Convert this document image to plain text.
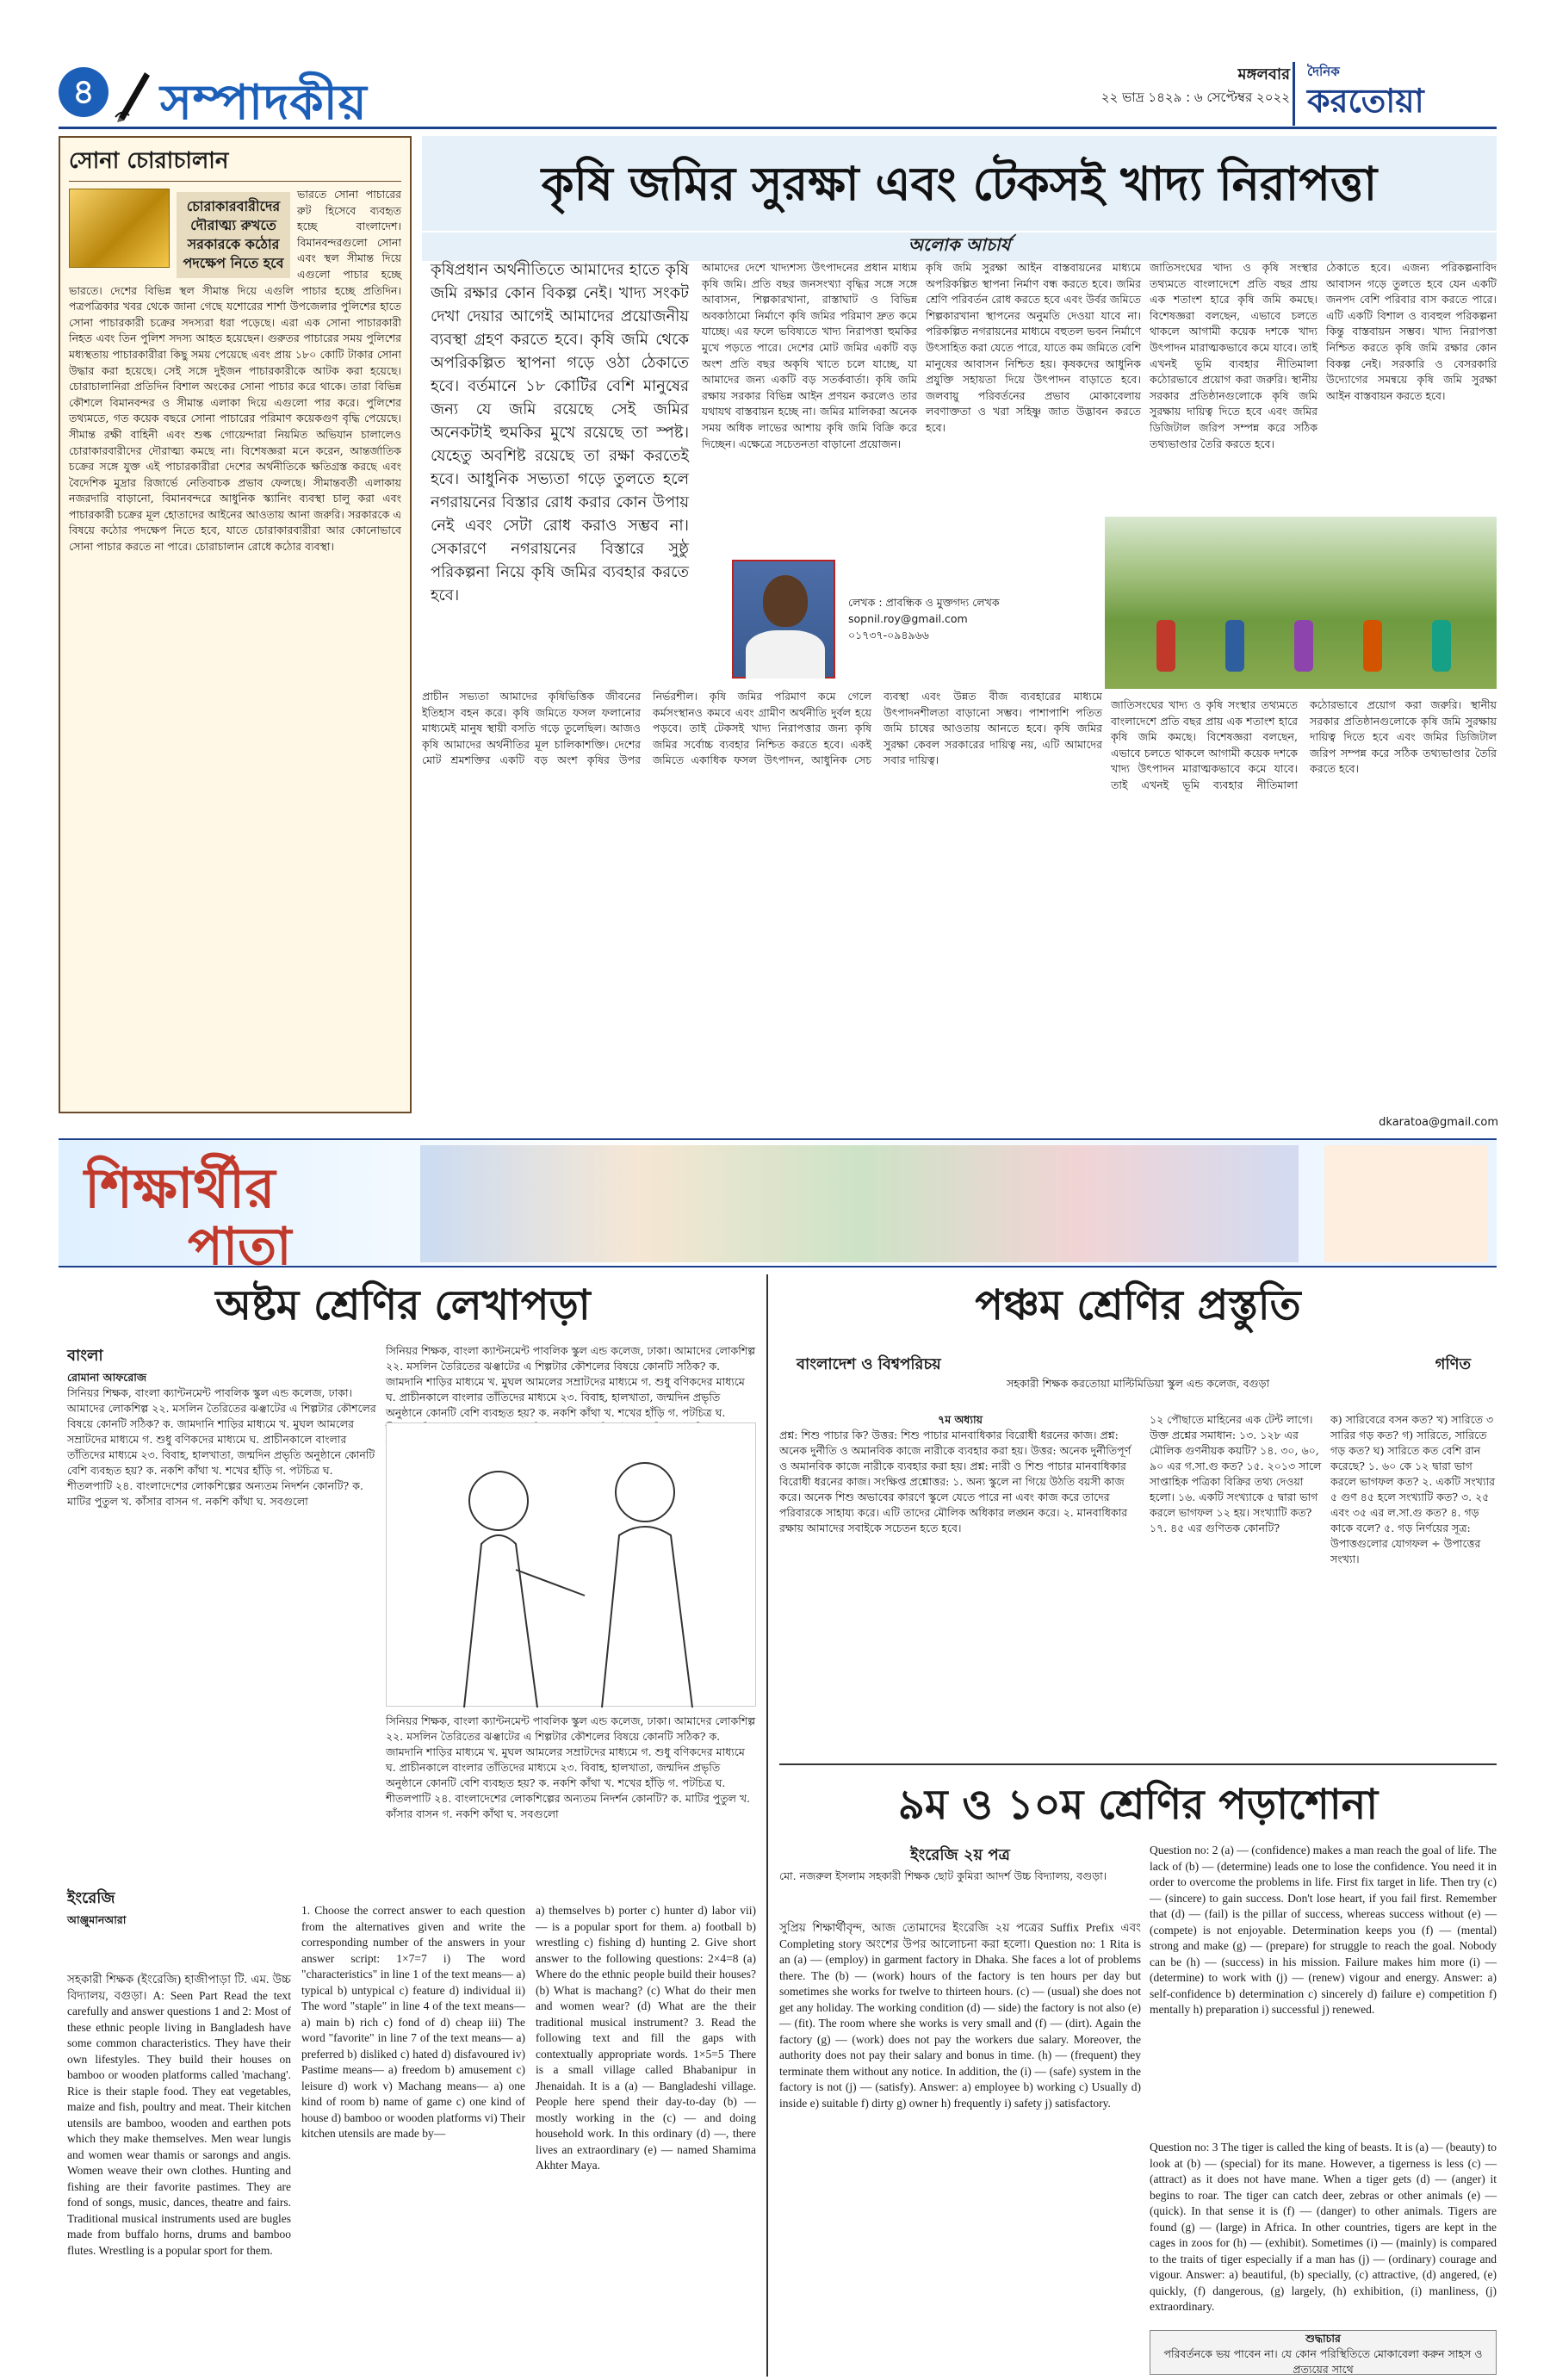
৪ সম্পাদকীয়	মঙ্গলবার
২২ ভাদ্র ১৪২৯ : ৬ সেপ্টেম্বর ২০২২
দৈনিক
করতোয়া
সোনা চোরাচালান
চোরাকারবারীদের দৌরাত্ম্য রুখতে সরকারকে কঠোর পদক্ষেপ নিতে হবে
ভারতে সোনা পাচারের রুট হিসেবে ব্যবহৃত হচ্ছে বাংলাদেশ। বিমানবন্দরগুলো সোনা এবং স্থল সীমান্ত দিয়ে এগুলো পাচার হচ্ছে ভারতে। দেশের বিভিন্ন স্থল সীমান্ত দিয়ে এগুলি পাচার হচ্ছে প্রতিদিন। পত্রপত্রিকার খবর থেকে জানা গেছে যশোরের শার্শা উপজেলার পুলিশের হাতে সোনা পাচারকারী চক্রের সদস্যরা ধরা পড়েছে। এরা এক সোনা পাচারকারী নিহত এবং তিন পুলিশ সদস্য আহত হয়েছেন। গুরুতর পাচারের সময় পুলিশের মধ্যস্থতায় পাচারকারীরা কিছু সময় পেয়েছে এবং প্রায় ১৮০ কোটি টাকার সোনা উদ্ধার করা হয়েছে। সেই সঙ্গে দুইজন পাচারকারীকে আটক করা হয়েছে। চোরাচালানিরা প্রতিদিন বিশাল অংকের সোনা পাচার করে থাকে। তারা বিভিন্ন কৌশলে বিমানবন্দর ও সীমান্ত এলাকা দিয়ে এগুলো পার করে। পুলিশের তথ্যমতে, গত কয়েক বছরে সোনা পাচারের পরিমাণ কয়েকগুণ বৃদ্ধি পেয়েছে। সীমান্ত রক্ষী বাহিনী এবং শুল্ক গোয়েন্দারা নিয়মিত অভিযান চালালেও চোরাকারবারীদের দৌরাত্ম্য কমছে না। বিশেষজ্ঞরা মনে করেন, আন্তর্জাতিক চক্রের সঙ্গে যুক্ত এই পাচারকারীরা দেশের অর্থনীতিকে ক্ষতিগ্রস্ত করছে এবং বৈদেশিক মুদ্রার রিজার্ভে নেতিবাচক প্রভাব ফেলছে। সীমান্তবর্তী এলাকায় নজরদারি বাড়ানো, বিমানবন্দরে আধুনিক স্ক্যানিং ব্যবস্থা চালু করা এবং পাচারকারী চক্রের মূল হোতাদের আইনের আওতায় আনা জরুরি। সরকারকে এ বিষয়ে কঠোর পদক্ষেপ নিতে হবে, যাতে চোরাকারবারীরা আর কোনোভাবে সোনা পাচার করতে না পারে। চোরাচালান রোধে কঠোর ব্যবস্থা।
কৃষি জমির সুরক্ষা এবং টেকসই খাদ্য নিরাপত্তা
অলোক আচার্য
কৃষিপ্রধান অর্থনীতিতে আমাদের হাতে কৃষি জমি রক্ষার কোন বিকল্প নেই। খাদ্য সংকট দেখা দেয়ার আগেই আমাদের প্রয়োজনীয় ব্যবস্থা গ্রহণ করতে হবে। কৃষি জমি থেকে অপরিকল্পিত স্থাপনা গড়ে ওঠা ঠেকাতে হবে। বর্তমানে ১৮ কোটির বেশি মানুষের জন্য যে জমি রয়েছে সেই জমির অনেকটাই হুমকির মুখে রয়েছে তা স্পষ্ট। যেহেতু অবশিষ্ট রয়েছে তা রক্ষা করতেই হবে। আধুনিক সভ্যতা গড়ে তুলতে হলে নগরায়নের বিস্তার রোধ করার কোন উপায় নেই এবং সেটা রোধ করাও সম্ভব না। সেকারণে নগরায়নের বিস্তারে সুষ্ঠু পরিকল্পনা নিয়ে কৃষি জমির ব্যবহার করতে হবে।
আমাদের দেশে খাদ্যশস্য উৎপাদনের প্রধান মাধ্যম কৃষি জমি। প্রতি বছর জনসংখ্যা বৃদ্ধির সঙ্গে সঙ্গে আবাসন, শিল্পকারখানা, রাস্তাঘাট ও বিভিন্ন অবকাঠামো নির্মাণে কৃষি জমির পরিমাণ দ্রুত কমে যাচ্ছে। এর ফলে ভবিষ্যতে খাদ্য নিরাপত্তা হুমকির মুখে পড়তে পারে। দেশের মোট জমির একটি বড় অংশ প্রতি বছর অকৃষি খাতে চলে যাচ্ছে, যা আমাদের জন্য একটি বড় সতর্কবার্তা। কৃষি জমি রক্ষায় সরকার বিভিন্ন আইন প্রণয়ন করলেও তার যথাযথ বাস্তবায়ন হচ্ছে না। জমির মালিকরা অনেক সময় অধিক লাভের আশায় কৃষি জমি বিক্রি করে দিচ্ছেন। এক্ষেত্রে সচেতনতা বাড়ানো প্রয়োজন।
কৃষি জমি সুরক্ষা আইন বাস্তবায়নের মাধ্যমে অপরিকল্পিত স্থাপনা নির্মাণ বন্ধ করতে হবে। জমির শ্রেণি পরিবর্তন রোধ করতে হবে এবং উর্বর জমিতে শিল্পকারখানা স্থাপনের অনুমতি দেওয়া যাবে না। পরিকল্পিত নগরায়নের মাধ্যমে বহুতল ভবন নির্মাণে উৎসাহিত করা যেতে পারে, যাতে কম জমিতে বেশি মানুষের আবাসন নিশ্চিত হয়। কৃষকদের আধুনিক প্রযুক্তি সহায়তা দিয়ে উৎপাদন বাড়াতে হবে। জলবায়ু পরিবর্তনের প্রভাব মোকাবেলায় লবণাক্ততা ও খরা সহিষ্ণু জাত উদ্ভাবন করতে হবে।
জাতিসংঘের খাদ্য ও কৃষি সংস্থার তথ্যমতে বাংলাদেশে প্রতি বছর প্রায় এক শতাংশ হারে কৃষি জমি কমছে। বিশেষজ্ঞরা বলছেন, এভাবে চলতে থাকলে আগামী কয়েক দশকে খাদ্য উৎপাদন মারাত্মকভাবে কমে যাবে। তাই এখনই ভূমি ব্যবহার নীতিমালা কঠোরভাবে প্রয়োগ করা জরুরি। স্থানীয় সরকার প্রতিষ্ঠানগুলোকে কৃষি জমি সুরক্ষায় দায়িত্ব দিতে হবে এবং জমির ডিজিটাল জরিপ সম্পন্ন করে সঠিক তথ্যভাণ্ডার তৈরি করতে হবে।
ঠেকাতে হবে। এজন্য পরিকল্পনাবিদ আবাসন গড়ে তুলতে হবে যেন একটি জনপদ বেশি পরিবার বাস করতে পারে। এটি একটি বিশাল ও ব্যবহুল পরিকল্পনা কিন্তু বাস্তবায়ন সম্ভব। খাদ্য নিরাপত্তা নিশ্চিত করতে কৃষি জমি রক্ষার কোন বিকল্প নেই। সরকারি ও বেসরকারি উদ্যোগের সমন্বয়ে কৃষি জমি সুরক্ষা আইন বাস্তবায়ন করতে হবে।
লেখক : প্রাবন্ধিক ও মুক্তগদ্য লেখক
sopnil.roy@gmail.com
০১৭৩৭-০৯৪৯৬৬
প্রাচীন সভ্যতা আমাদের কৃষিভিত্তিক জীবনের ইতিহাস বহন করে। কৃষি জমিতে ফসল ফলানোর মাধ্যমেই মানুষ স্থায়ী বসতি গড়ে তুলেছিল। আজও কৃষি আমাদের অর্থনীতির মূল চালিকাশক্তি। দেশের মোট শ্রমশক্তির একটি বড় অংশ কৃষির উপর নির্ভরশীল। কৃষি জমির পরিমাণ কমে গেলে কর্মসংস্থানও কমবে এবং গ্রামীণ অর্থনীতি দুর্বল হয়ে পড়বে। তাই টেকসই খাদ্য নিরাপত্তার জন্য কৃষি জমির সর্বোচ্চ ব্যবহার নিশ্চিত করতে হবে। একই জমিতে একাধিক ফসল উৎপাদন, আধুনিক সেচ ব্যবস্থা এবং উন্নত বীজ ব্যবহারের মাধ্যমে উৎপাদনশীলতা বাড়ানো সম্ভব। পাশাপাশি পতিত জমি চাষের আওতায় আনতে হবে। কৃষি জমির সুরক্ষা কেবল সরকারের দায়িত্ব নয়, এটি আমাদের সবার দায়িত্ব।
জাতিসংঘের খাদ্য ও কৃষি সংস্থার তথ্যমতে বাংলাদেশে প্রতি বছর প্রায় এক শতাংশ হারে কৃষি জমি কমছে। বিশেষজ্ঞরা বলছেন, এভাবে চলতে থাকলে আগামী কয়েক দশকে খাদ্য উৎপাদন মারাত্মকভাবে কমে যাবে। তাই এখনই ভূমি ব্যবহার নীতিমালা কঠোরভাবে প্রয়োগ করা জরুরি। স্থানীয় সরকার প্রতিষ্ঠানগুলোকে কৃষি জমি সুরক্ষায় দায়িত্ব দিতে হবে এবং জমির ডিজিটাল জরিপ সম্পন্ন করে সঠিক তথ্যভাণ্ডার তৈরি করতে হবে।
dkaratoa@gmail.com
শিক্ষার্থীর
পাতা
অষ্টম শ্রেণির লেখাপড়া
বাংলা
রোমানা আফরোজ
সিনিয়র শিক্ষক, বাংলা ক্যান্টনমেন্ট পাবলিক স্কুল এন্ড কলেজ, ঢাকা। আমাদের লোকশিল্প ২২. মসলিন তৈরিতের ঝঞ্ঝাটের এ শিল্পটার কৌশলের বিষয়ে কোনটি সঠিক? ক. জামদানি শাড়ির মাধ্যমে খ. মুঘল আমলের সম্রাটদের মাধ্যমে গ. শুধু বণিকদের মাধ্যমে ঘ. প্রাচীনকালে বাংলার তাঁতিদের মাধ্যমে ২৩. বিবাহ, হালখাতা, জন্মদিন প্রভৃতি অনুষ্ঠানে কোনটি বেশি ব্যবহৃত হয়? ক. নকশি কাঁথা খ. শখের হাঁড়ি গ. পটচিত্র ঘ. শীতলপাটি ২৪. বাংলাদেশের লোকশিল্পের অন্যতম নিদর্শন কোনটি? ক. মাটির পুতুল খ. কাঁসার বাসন গ. নকশি কাঁথা ঘ. সবগুলো
সিনিয়র শিক্ষক, বাংলা ক্যান্টনমেন্ট পাবলিক স্কুল এন্ড কলেজ, ঢাকা। আমাদের লোকশিল্প ২২. মসলিন তৈরিতের ঝঞ্ঝাটের এ শিল্পটার কৌশলের বিষয়ে কোনটি সঠিক? ক. জামদানি শাড়ির মাধ্যমে খ. মুঘল আমলের সম্রাটদের মাধ্যমে গ. শুধু বণিকদের মাধ্যমে ঘ. প্রাচীনকালে বাংলার তাঁতিদের মাধ্যমে ২৩. বিবাহ, হালখাতা, জন্মদিন প্রভৃতি অনুষ্ঠানে কোনটি বেশি ব্যবহৃত হয়? ক. নকশি কাঁথা খ. শখের হাঁড়ি গ. পটচিত্র ঘ.
সিনিয়র শিক্ষক, বাংলা ক্যান্টনমেন্ট পাবলিক স্কুল এন্ড কলেজ, ঢাকা। আমাদের লোকশিল্প ২২. মসলিন তৈরিতের ঝঞ্ঝাটের এ শিল্পটার কৌশলের বিষয়ে কোনটি সঠিক? ক. জামদানি শাড়ির মাধ্যমে খ. মুঘল আমলের সম্রাটদের মাধ্যমে গ. শুধু বণিকদের মাধ্যমে ঘ. প্রাচীনকালে বাংলার তাঁতিদের মাধ্যমে ২৩. বিবাহ, হালখাতা, জন্মদিন প্রভৃতি অনুষ্ঠানে কোনটি বেশি ব্যবহৃত হয়? ক. নকশি কাঁথা খ. শখের হাঁড়ি গ. পটচিত্র ঘ. শীতলপাটি ২৪. বাংলাদেশের লোকশিল্পের অন্যতম নিদর্শন কোনটি? ক. মাটির পুতুল খ. কাঁসার বাসন গ. নকশি কাঁথা ঘ. সবগুলো
ইংরেজি
আঞ্জুমানআরা
সহকারী শিক্ষক (ইংরেজি) হাজীপাড়া টি. এম. উচ্চ বিদ্যালয়, বগুড়া। A: Seen Part Read the text carefully and answer questions 1 and 2: Most of these ethnic people living in Bangladesh have some common characteristics. They have their own lifestyles. They build their houses on bamboo or wooden platforms called 'machang'. Rice is their staple food. They eat vegetables, maize and fish, poultry and meat. Their kitchen utensils are bamboo, wooden and earthen pots which they make themselves. Men wear lungis and women wear thamis or sarongs and angis. Women weave their own clothes. Hunting and fishing are their favorite pastimes. They are fond of songs, music, dances, theatre and fairs. Traditional musical instruments used are bugles made from buffalo horns, drums and bamboo flutes. Wrestling is a popular sport for them.
1. Choose the correct answer to each question from the alternatives given and write the corresponding number of the answers in your answer script: 1×7=7 i) The word "characteristics" in line 1 of the text means— a) typical b) untypical c) feature d) individual ii) The word "staple" in line 4 of the text means— a) main b) rich c) fond of d) cheap iii) The word "favorite" in line 7 of the text means— a) preferred b) disliked c) hated d) disfavoured iv) Pastime means— a) freedom b) amusement c) leisure d) work v) Machang means— a) one kind of room b) name of game c) one kind of house d) bamboo or wooden platforms vi) Their kitchen utensils are made by—
a) themselves b) porter c) hunter d) labor vii) — is a popular sport for them. a) football b) wrestling c) fishing d) hunting 2. Give short answer to the following questions: 2×4=8 (a) Where do the ethnic people build their houses? (b) What is machang? (c) What do their men and women wear? (d) What are the their traditional musical instrument? 3. Read the following text and fill the gaps with contextually appropriate words. 1×5=5 There is a small village called Bhabanipur in Jhenaidah. It is a (a) — Bangladeshi village. People here spend their day-to-day (b) — mostly working in the (c) — and doing household work. In this ordinary (d) —, there lives an extraordinary (e) — named Shamima Akhter Maya.
পঞ্চম শ্রেণির প্রস্তুতি
বাংলাদেশ ও বিশ্বপরিচয়	গণিত
সহকারী শিক্ষক করতোয়া মাল্টিমিডিয়া স্কুল এন্ড কলেজ, বগুড়া
৭ম অধ্যায়
প্রশ্ন: শিশু পাচার কি? উত্তর: শিশু পাচার মানবাধিকার বিরোধী ধরনের কাজ। প্রশ্ন: অনেক দুর্নীতি ও অমানবিক কাজে নারীকে ব্যবহার করা হয়। উত্তর: অনেক দুর্নীতিপূর্ণ ও অমানবিক কাজে নারীকে ব্যবহার করা হয়। প্রশ্ন: নারী ও শিশু পাচার মানবাধিকার বিরোধী ধরনের কাজ। সংক্ষিপ্ত প্রশ্নোত্তর: ১. অন্য স্কুলে না গিয়ে উঠতি বয়সী কাজ করে। অনেক শিশু অভাবের কারণে স্কুলে যেতে পারে না এবং কাজ করে তাদের পরিবারকে সাহায্য করে। এটি তাদের মৌলিক অধিকার লঙ্ঘন করে। ২. মানবাধিকার রক্ষায় আমাদের সবাইকে সচেতন হতে হবে।
১২ পৌছাতে মাহিনের এক টেন্ট লাগে। উক্ত প্রশ্নের সমাধান: ১৩. ১২৮ এর মৌলিক গুণনীয়ক কয়টি? ১৪. ৩০, ৬০, ৯০ এর গ.সা.গু কত? ১৫. ২০১৩ সালে সাপ্তাহিক পত্রিকা বিক্রির তথ্য দেওয়া হলো। ১৬. একটি সংখ্যাকে ৫ দ্বারা ভাগ করলে ভাগফল ১২ হয়। সংখ্যাটি কত? ১৭. ৪৫ এর গুণিতক কোনটি?
ক) সারিবেরে বসন কত? খ) সারিতে ৩ সারির গড় কত? গ) সারিতে, সারিতে গড় কত? ঘ) সারিতে কত বেশি রান করেছে? ১. ৬০ কে ১২ দ্বারা ভাগ করলে ভাগফল কত? ২. একটি সংখ্যার ৫ গুণ ৪৫ হলে সংখ্যাটি কত? ৩. ২৫ এবং ৩৫ এর ল.সা.গু কত? ৪. গড় কাকে বলে? ৫. গড় নির্ণয়ের সূত্র: উপাত্তগুলোর যোগফল ÷ উপাত্তের সংখ্যা।
৯ম ও ১০ম শ্রেণির পড়াশোনা
ইংরেজি ২য় পত্র
মো. নজরুল ইসলাম সহকারী শিক্ষক ছোট কুমিরা আদর্শ উচ্চ বিদ্যালয়, বগুড়া।
সুপ্রিয় শিক্ষার্থীবৃন্দ, আজ তোমাদের ইংরেজি ২য় পত্রের Suffix Prefix এবং Completing story অংশের উপর আলোচনা করা হলো। Question no: 1 Rita is an (a) — (employ) in garment factory in Dhaka. She faces a lot of problems there. The (b) — (work) hours of the factory is ten hours per day but sometimes she works for twelve to thirteen hours. (c) — (usual) she does not get any holiday. The working condition (d) — side) the factory is not also (e) — (fit). The room where she works is very small and (f) — (dirt). Again the factory (g) — (work) does not pay the workers due salary. Moreover, the authority does not pay their salary and bonus in time. (h) — (frequent) they terminate them without any notice. In addition, the (i) — (safe) system in the factory is not (j) — (satisfy). Answer: a) employee b) working c) Usually d) inside e) suitable f) dirty g) owner h) frequently i) safety j) satisfactory.
Question no: 2 (a) — (confidence) makes a man reach the goal of life. The lack of (b) — (determine) leads one to lose the confidence. You need it in order to overcome the problems in life. First fix target in life. Then try (c) — (sincere) to gain success. Don't lose heart, if you fail first. Remember that (d) — (fail) is the pillar of success, whereas success without (e) — (compete) is not enjoyable. Determination keeps you (f) — (mental) strong and make (g) — (prepare) for struggle to reach the goal. Nobody can be (h) — (success) in his mission. Failure makes him more (i) — (determine) to work with (j) — (renew) vigour and energy. Answer: a) self-confidence b) determination c) sincerely d) failure e) competition f) mentally h) preparation i) successful j) renewed.
Question no: 3 The tiger is called the king of beasts. It is (a) — (beauty) to look at (b) — (special) for its mane. However, a tigerness is less (c) — (attract) as it does not have mane. When a tiger gets (d) — (anger) it begins to roar. The tiger can catch deer, zebras or other animals (e) — (quick). In that sense it is (f) — (danger) to other animals. Tigers are found (g) — (large) in Africa. In other countries, tigers are kept in the cages in zoos for (h) — (exhibit). Sometimes (i) — (mainly) is compared to the traits of tiger especially if a man has (j) — (ordinary) courage and vigour. Answer: a) beautiful, (b) specially, (c) attractive, (d) angered, (e) quickly, (f) dangerous, (g) largely, (h) exhibition, (i) manliness, (j) extraordinary.
শুদ্ধাচার
পরিবর্তনকে ভয় পাবেন না। যে কোন পরিস্থিতিতে মোকাবেলা করুন সাহস ও প্রত্যয়ের সাথে
